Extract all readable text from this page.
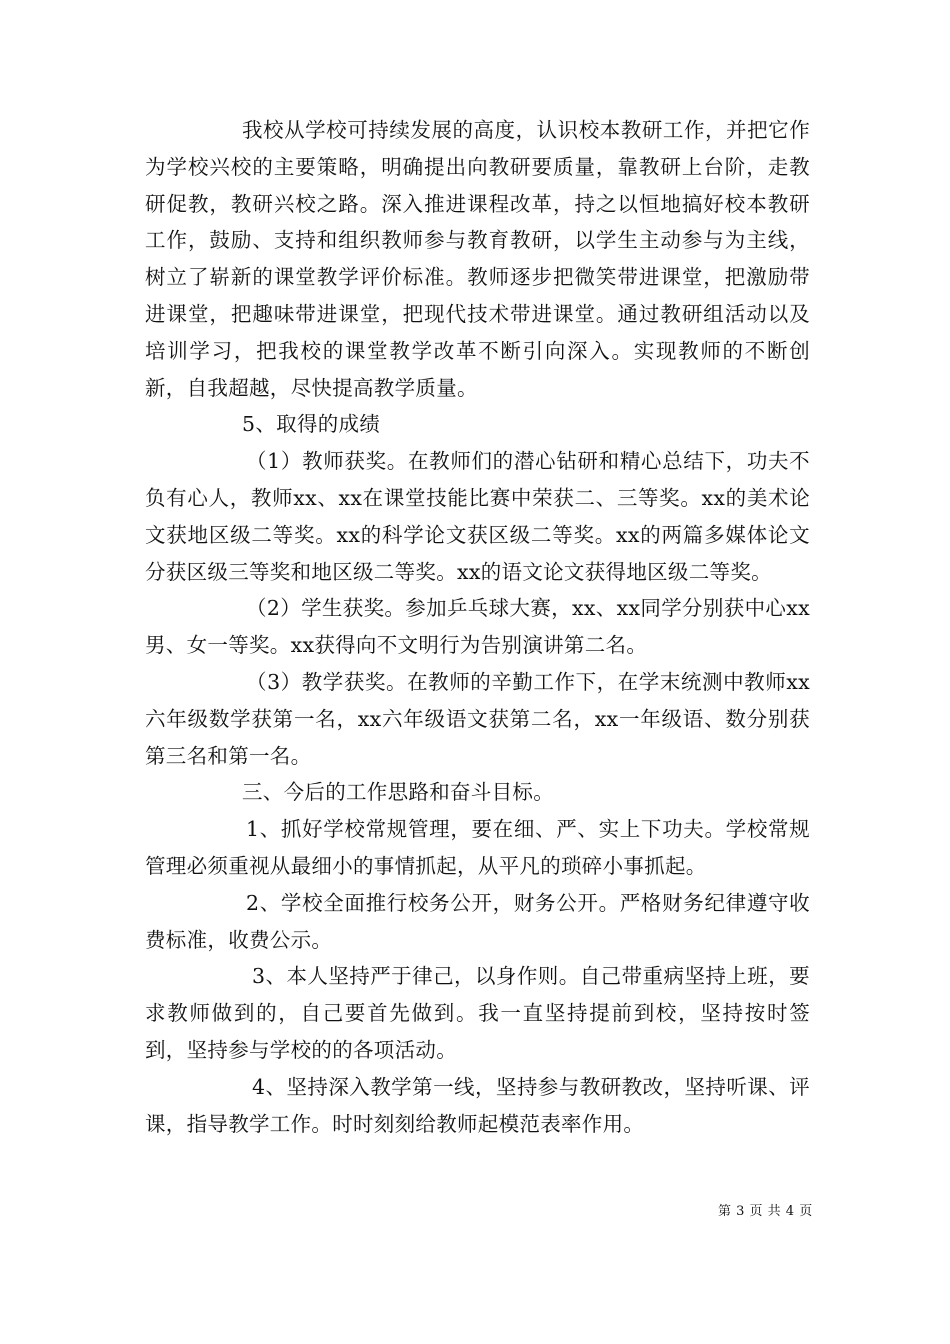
我校从学校可持续发展的高度，认识校本教研工作，并把它作为学校兴校的主要策略，明确提出向教研要质量，靠教研上台阶，走教研促教，教研兴校之路。深入推进课程改革，持之以恒地搞好校本教研工作，鼓励、支持和组织教师参与教育教研，以学生主动参与为主线，树立了崭新的课堂教学评价标准。教师逐步把微笑带进课堂，把激励带进课堂，把趣味带进课堂，把现代技术带进课堂。通过教研组活动以及培训学习，把我校的课堂教学改革不断引向深入。实现教师的不断创新，自我超越，尽快提高教学质量。

5、取得的成绩

（1）教师获奖。在教师们的潜心钻研和精心总结下，功夫不负有心人，教师xx、xx在课堂技能比赛中荣获二、三等奖。xx的美术论文获地区级二等奖。xx的科学论文获区级二等奖。xx的两篇多媒体论文分获区级三等奖和地区级二等奖。xx的语文论文获得地区级二等奖。

（2）学生获奖。参加乒乓球大赛，xx、xx同学分别获中心xx男、女一等奖。xx获得向不文明行为告别演讲第二名。

（3）教学获奖。在教师的辛勤工作下，在学末统测中教师xx六年级数学获第一名，xx六年级语文获第二名，xx一年级语、数分别获第三名和第一名。

三、今后的工作思路和奋斗目标。

1、抓好学校常规管理，要在细、严、实上下功夫。学校常规管理必须重视从最细小的事情抓起，从平凡的琐碎小事抓起。

2、学校全面推行校务公开，财务公开。严格财务纪律遵守收费标准，收费公示。

3、本人坚持严于律己，以身作则。自己带重病坚持上班，要求教师做到的，自己要首先做到。我一直坚持提前到校，坚持按时签到，坚持参与学校的的各项活动。

4、坚持深入教学第一线，坚持参与教研教改，坚持听课、评课，指导教学工作。时时刻刻给教师起模范表率作用。

第 3 页 共 4 页
